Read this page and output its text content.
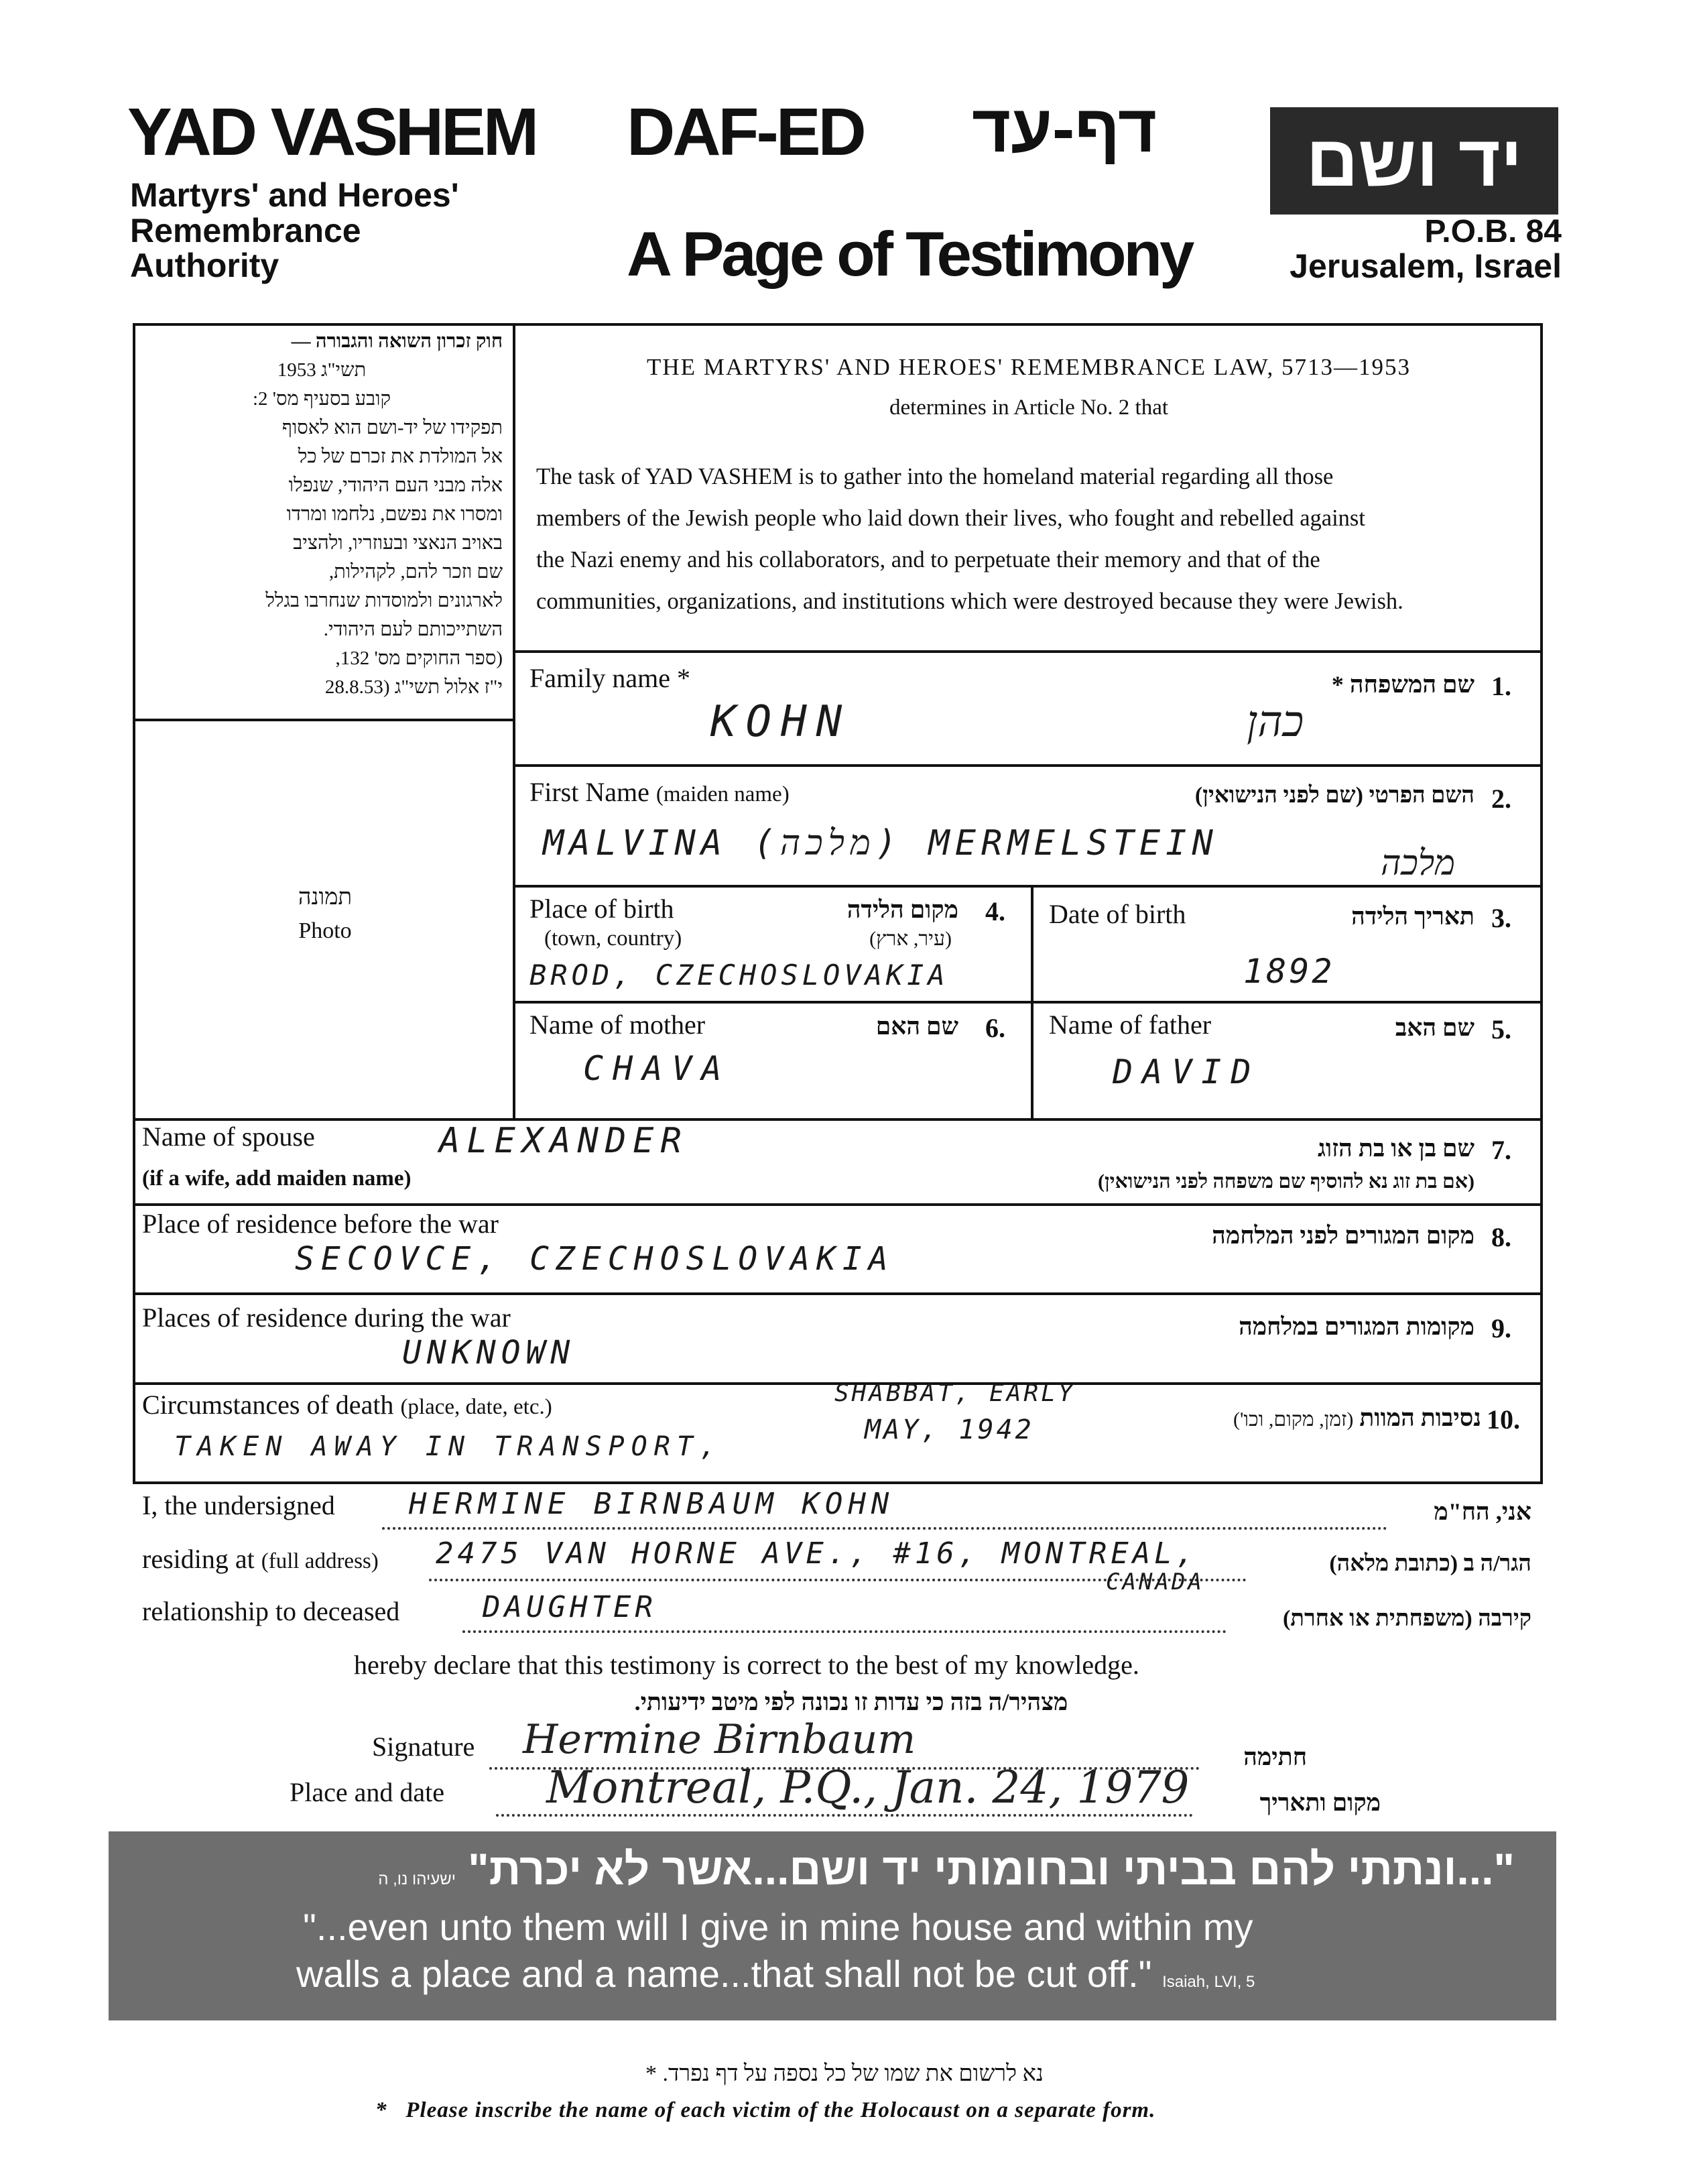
YAD VASHEM
Martyrs' and Heroes'
Remembrance
Authority
DAF-ED דף-עד
A Page of Testimony
יד ושם
P.O.B. 84
Jerusalem, Israel
חוק זכרון השואה והגבורה —
תשי"ג 1953
קובע בסעיף מס' 2:
תפקידו של יד-ושם הוא לאסוף
אל המולדת את זכרם של כל
אלה מבני העם היהודי, שנפלו
ומסרו את נפשם, נלחמו ומרדו
באויב הנאצי ובעוזריו, ולהציב
שם וזכר להם, לקהילות,
לארגונים ולמוסדות שנחרבו בגלל
השתייכותם לעם היהודי.
(ספר החוקים מס' 132,
י"ז אלול תשי"ג (28.8.53
תמונה
Photo
THE MARTYRS' AND HEROES' REMEMBRANCE LAW, 5713—1953
determines in Article No. 2 that
The task of YAD VASHEM is to gather into the homeland material regarding all those
members of the Jewish people who laid down their lives, who fought and rebelled against
the Nazi enemy and his collaborators, and to perpetuate their memory and that of the
communities, organizations, and institutions which were destroyed because they were Jewish.
Family name *	שם המשפחה * 1.
KOHN	כהן
First Name (maiden name)	השם הפרטי (שם לפני הנישואין) 2.
MALVINA (מלכה) MERMELSTEIN	מלכה
Place of birth
(town, country)
מקום הלידה
(עיר, ארץ)
4.
BROD, CZECHOSLOVAKIA
Date of birth	תאריך הלידה 3.
1892
Name of mother	שם האם 6.
CHAVA
Name of father	שם האב 5.
DAVID
Name of spouse
(if a wife, add maiden name)
שם בן או בת הזוג
(אם בת זוג נא להוסיף שם משפחה לפני הנישואין)
7.
ALEXANDER
Place of residence before the war	מקום המגורים לפני המלחמה 8.
SECOVCE, CZECHOSLOVAKIA
Places of residence during the war	מקומות המגורים במלחמה 9.
UNKNOWN
Circumstances of death (place, date, etc.)	נסיבות המוות (זמן, מקום, וכו')	10.
TAKEN AWAY IN TRANSPORT,
SHABBAT, EARLY
MAY, 1942
I, the undersigned	HERMINE BIRNBAUM KOHN	אני, הח"מ
residing at (full address) 2475 VAN HORNE AVE., #16, MONTREAL,
CANADA
הגר/ה ב (כתובת מלאה)
relationship to deceased	DAUGHTER	קירבה (משפחתית או אחרת)
hereby declare that this testimony is correct to the best of my knowledge.
מצהיר/ה בזה כי עדות זו נכונה לפי מיטב ידיעותי.
Signature Hermine Birnbaum	חתימה
Place and date Montreal, P.Q., Jan. 24, 1979	מקום ותאריך
"...ונתתי להם בביתי ובחומותי יד ושם...אשר לא יכרת" ישעיהו נו, ה
"...even unto them will I give in mine house and within my
walls a place and a name...that shall not be cut off." Isaiah, LVI, 5
נא לרשום את שמו של כל נספה על דף נפרד. *
*   Please inscribe the name of each victim of the Holocaust on a separate form.
